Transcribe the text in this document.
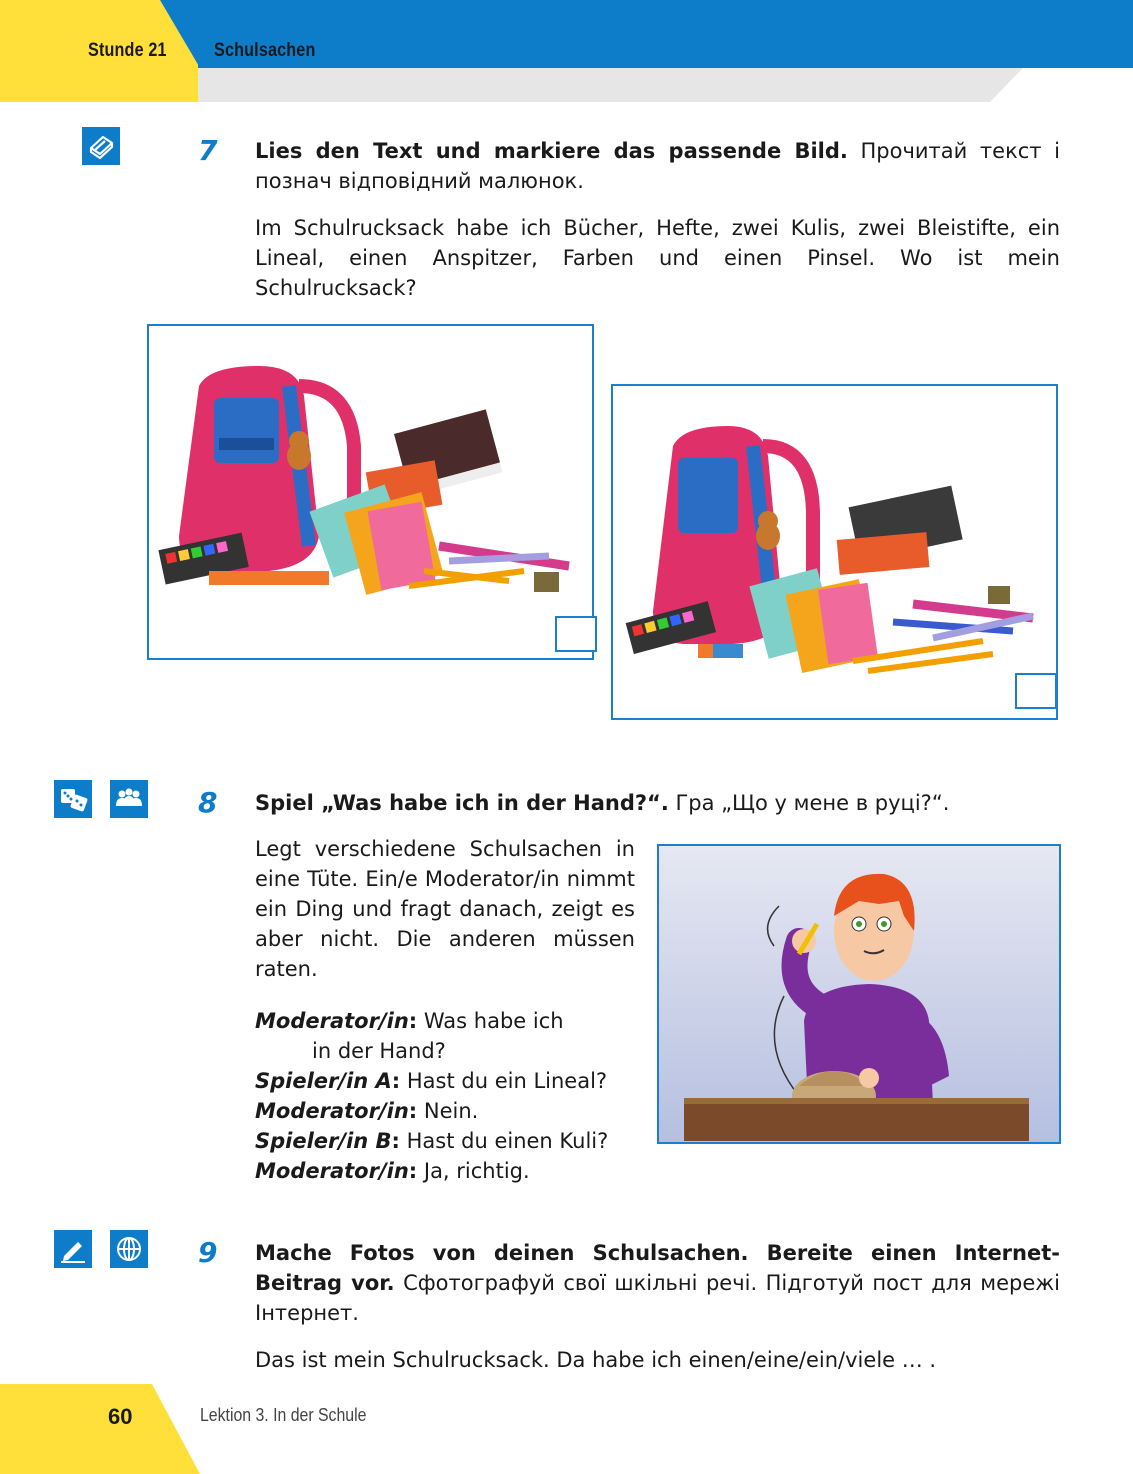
Stunde 21 Schulsachen
7 Lies den Text und markiere das passende Bild. Прочитай текст і познач відповідний малюнок.
Im Schulrucksack habe ich Bücher, Hefte, zwei Kulis, zwei Bleistifte, ein Lineal, einen Anspitzer, Farben und einen Pinsel. Wo ist mein Schulrucksack?
8 Spiel „Was habe ich in der Hand?“. Гра „Що у мене в руці?“.
Legt verschiedene Schulsachen in eine Tüte. Ein/e Moderator/in nimmt ein Ding und fragt danach, zeigt es aber nicht. Die anderen müssen raten.
Moderator/in: Was habe ich
in der Hand?
Spieler/in A: Hast du ein Lineal?
Moderator/in: Nein.
Spieler/in B: Hast du einen Kuli?
Moderator/in: Ja, richtig.
9 Mache Fotos von deinen Schulsachen. Bereite einen Internet-Beitrag vor. Сфотографуй свої шкільні речі. Підготуй пост для мережі Інтернет.
Das ist mein Schulrucksack. Da habe ich einen/eine/ein/viele … .
60	Lektion 3. In der Schule
